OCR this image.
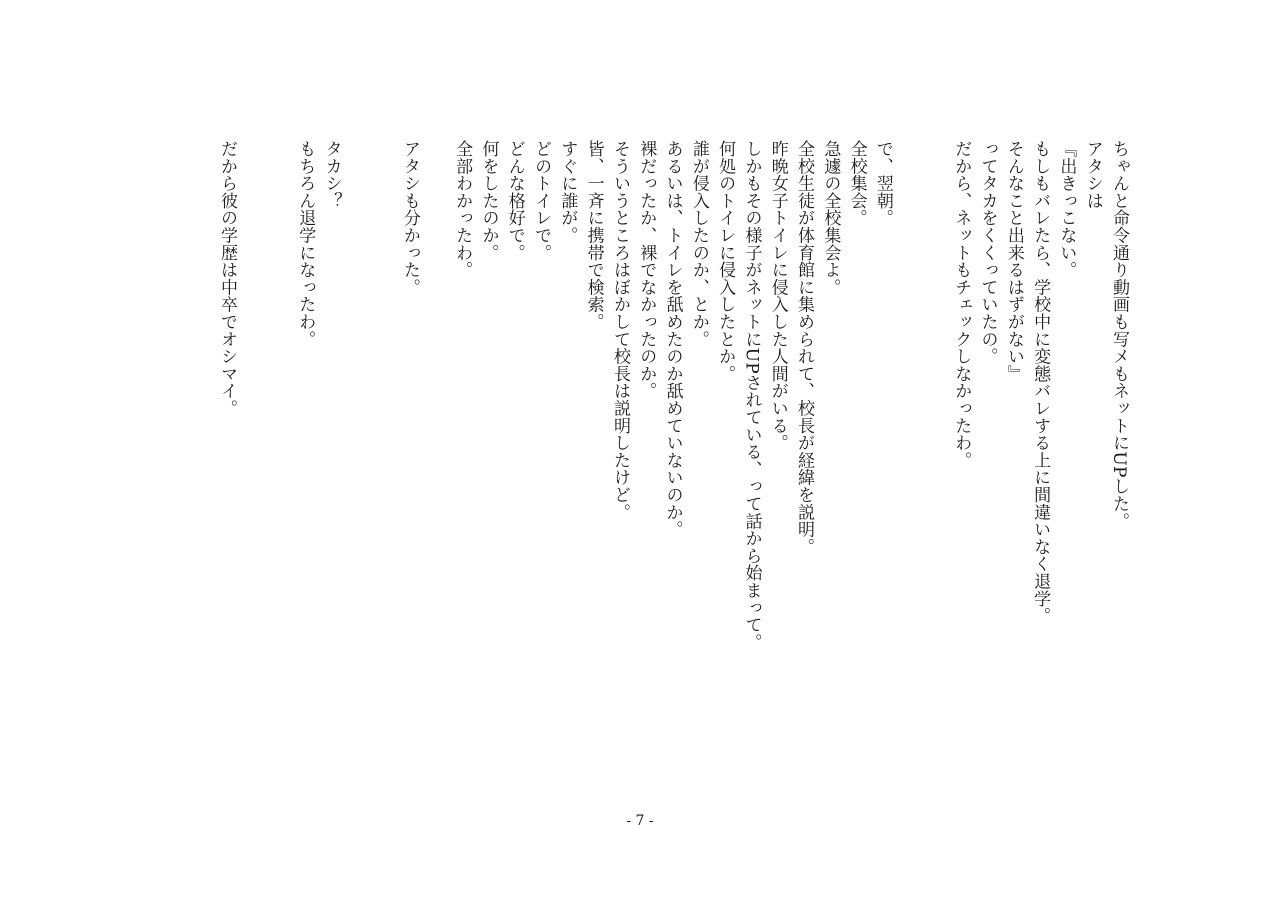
ちゃんと命令通り動画も写メもネットにUPした。
アタシは
『出きっこない。
もしもバレたら、学校中に変態バレする上に間違いなく退学。
そんなこと出来るはずがない』
ってタカをくくっていたの。
だから、ネットもチェックしなかったわ。
で、翌朝。
全校集会。
急遽の全校集会よ。
全校生徒が体育館に集められて、校長が経緯を説明。
昨晩女子トイレに侵入した人間がいる。
しかもその様子がネットにUPされている、って話から始まって。
何処のトイレに侵入したとか。
誰が侵入したのか、とか。
あるいは、トイレを舐めたのか舐めていないのか。
裸だったか、裸でなかったのか。
そういうところはぼかして校長は説明したけど。
皆、一斉に携帯で検索。
すぐに誰が。
どのトイレで。
どんな格好で。
何をしたのか。
全部わかったわ。
アタシも分かった。
タカシ？
もちろん退学になったわ。
だから彼の学歴は中卒でオシマイ。
- 7 -
